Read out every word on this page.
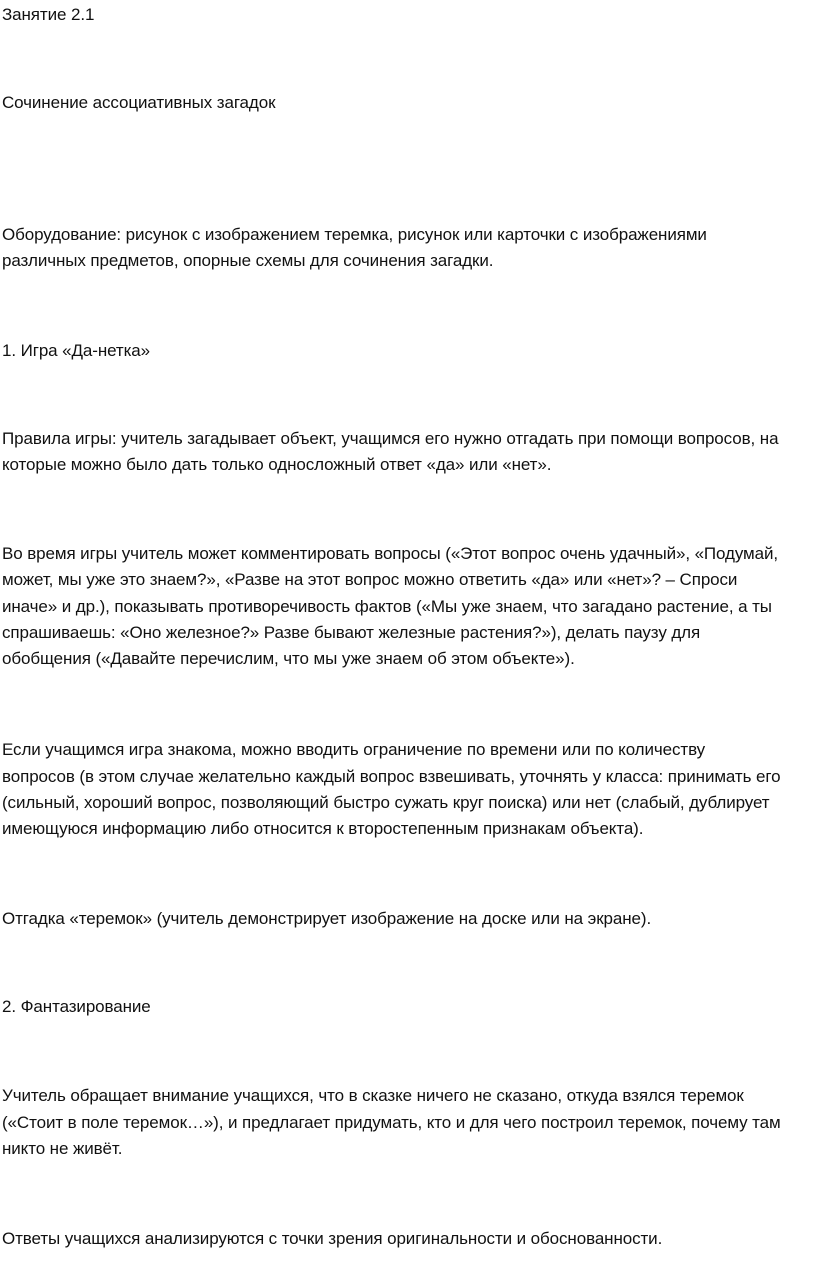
Занятие 2.1
Сочинение ассоциативных загадок
Оборудование: рисунок с изображением теремка, рисунок или карточки с изображениями
различных предметов, опорные схемы для сочинения загадки.
1. Игра «Да-нетка»
Правила игры: учитель загадывает объект, учащимся его нужно отгадать при помощи вопросов, на
которые можно было дать только односложный ответ «да» или «нет».
Во время игры учитель может комментировать вопросы («Этот вопрос очень удачный», «Подумай,
может, мы уже это знаем?», «Разве на этот вопрос можно ответить «да» или «нет»? – Спроси
иначе» и др.), показывать противоречивость фактов («Мы уже знаем, что загадано растение, а ты
спрашиваешь: «Оно железное?» Разве бывают железные растения?»), делать паузу для
обобщения («Давайте перечислим, что мы уже знаем об этом объекте»).
Если учащимся игра знакома, можно вводить ограничение по времени или по количеству
вопросов (в этом случае желательно каждый вопрос взвешивать, уточнять у класса: принимать его
(сильный, хороший вопрос, позволяющий быстро сужать круг поиска) или нет (слабый, дублирует
имеющуюся информацию либо относится к второстепенным признакам объекта).
Отгадка «теремок» (учитель демонстрирует изображение на доске или на экране).
2. Фантазирование
Учитель обращает внимание учащихся, что в сказке ничего не сказано, откуда взялся теремок
(«Стоит в поле теремок…»), и предлагает придумать, кто и для чего построил теремок, почему там
никто не живёт.
Ответы учащихся анализируются с точки зрения оригинальности и обоснованности.
